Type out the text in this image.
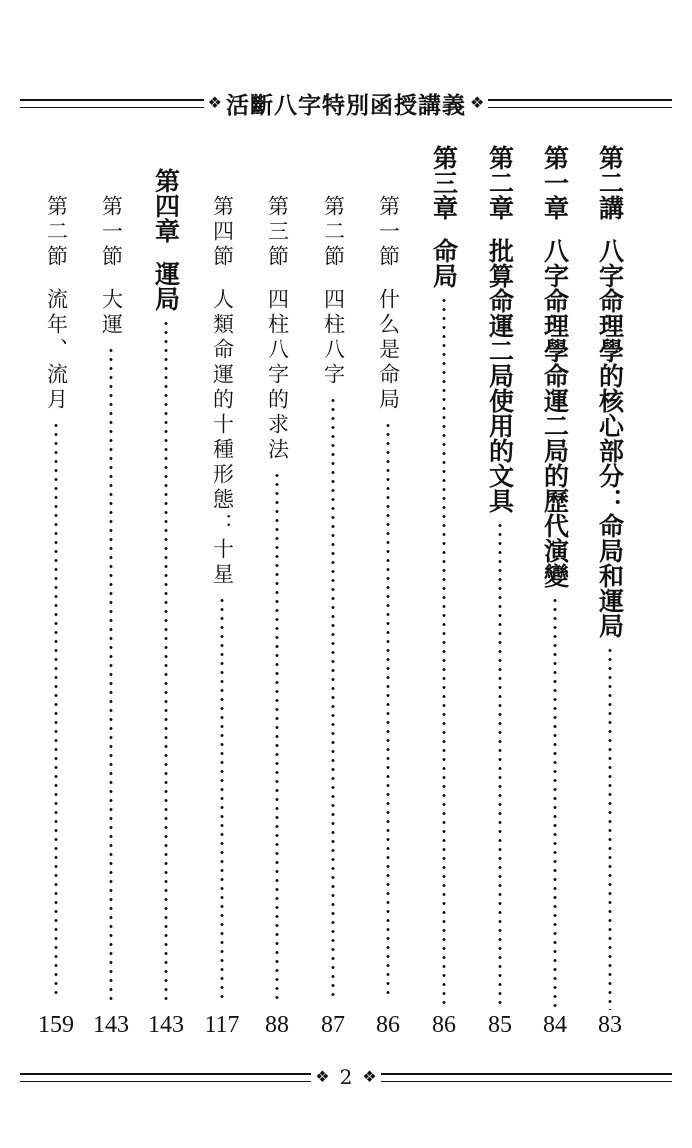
❖ 活斷八字特別函授講義 ❖
第二講
八字命理學的核心部分：命局和運局
83
第一章
八字命理學命運二局的歷代演變
84
第二章
批算命運二局使用的文具
85
第三章
命局
86
第一節
什么是命局
86
第二節
四柱八字
87
第三節
四柱八字的求法
88
第四節
人類命運的十種形態：十星
117
第四章
運局
143
第一節
大運
143
第二節
流年、流月
159
❖ 2 ❖
